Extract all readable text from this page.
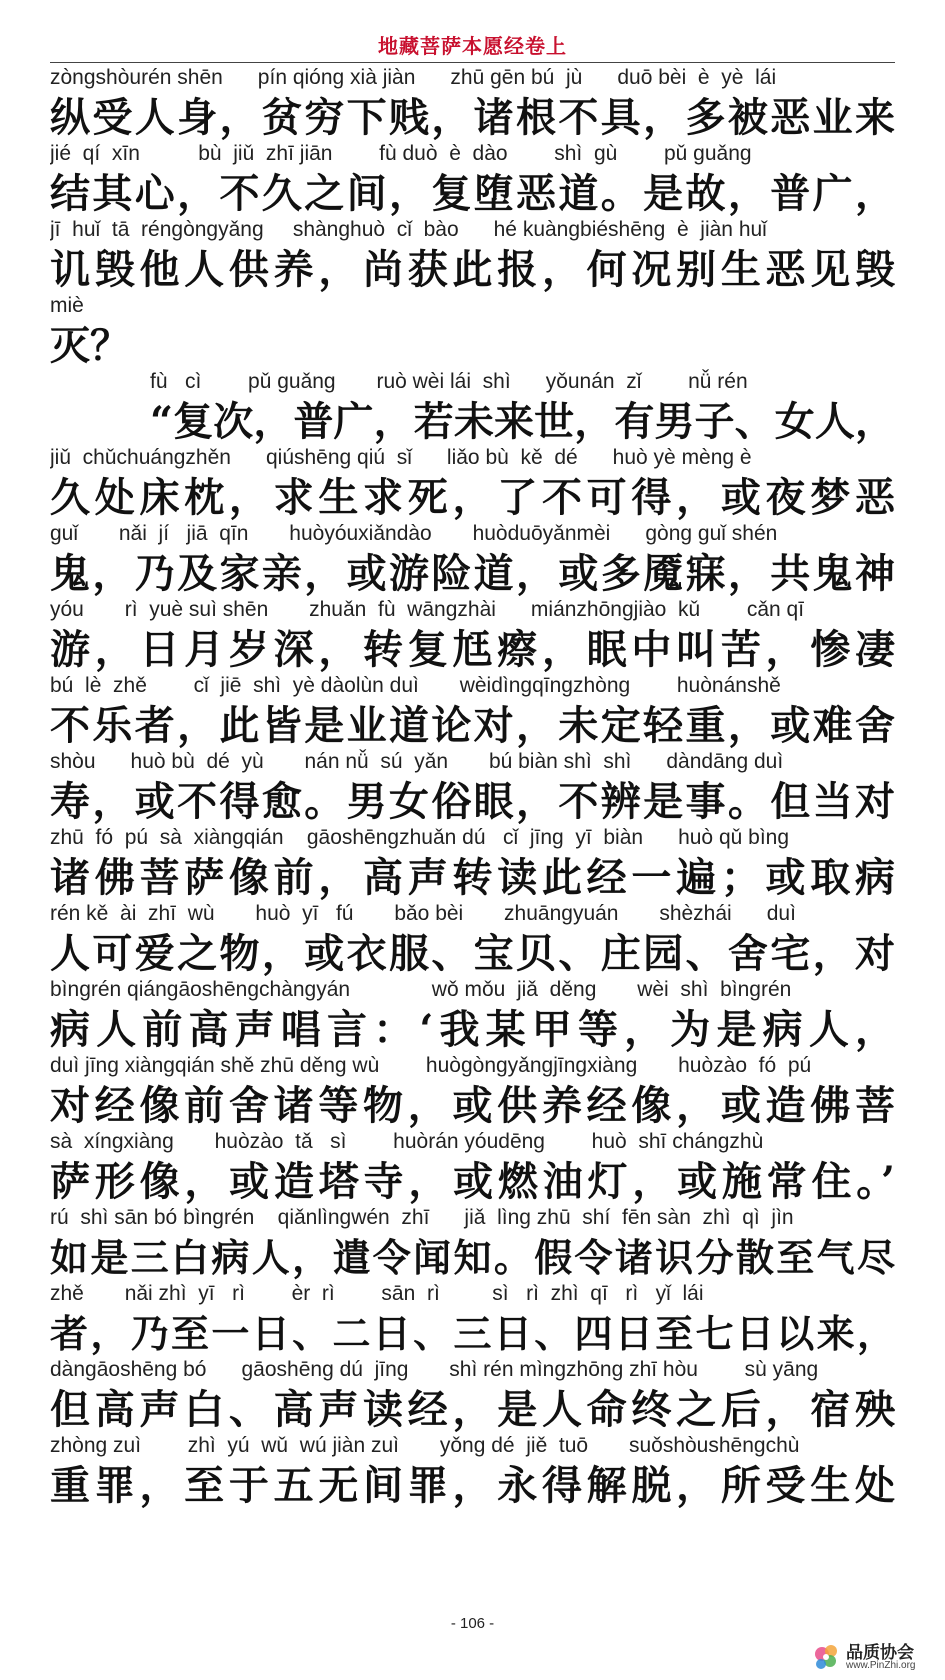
地藏菩萨本愿经卷上
zòngshòurén shēn      pín qióng xià jiàn      zhū gēn bú  jù      duō bèi  è  yè  lái
纵受人身，贫穷下贱，诸根不具，多被恶业来
jié  qí  xīn          bù  jiǔ  zhī jiān        fù duò  è  dào        shì  gù        pǔ guǎng
结其心，不久之间，复堕恶道。是故，普广，
jī  huǐ  tā  réngòngyǎng     shànghuò  cǐ  bào      hé kuàngbiéshēng  è  jiàn huǐ
讥毁他人供养，尚获此报，何况别生恶见毁
miè
灭？
fù   cì        pǔ guǎng       ruò wèi lái  shì      yǒunán  zǐ        nǚ rén
“复次，普广，若未来世，有男子、女人，
jiǔ  chǔchuángzhěn      qiúshēng qiú  sǐ      liǎo bù  kě  dé      huò yè mèng è
久处床枕，求生求死，了不可得，或夜梦恶
guǐ       nǎi  jí   jiā  qīn       huòyóuxiǎndào       huòduōyǎnmèi      gòng guǐ shén
鬼，乃及家亲，或游险道，或多魇寐，共鬼神
yóu       rì  yuè suì shēn       zhuǎn  fù  wāngzhài      miánzhōngjiào  kǔ        cǎn qī
游，日月岁深，转复尪瘵，眠中叫苦，惨凄
bú  lè  zhě        cǐ  jiē  shì  yè dàolùn duì       wèidìngqīngzhòng        huònánshě
不乐者，此皆是业道论对，未定轻重，或难舍
shòu      huò bù  dé  yù       nán nǚ  sú  yǎn       bú biàn shì  shì      dàndāng duì
寿，或不得愈。男女俗眼，不辨是事。但当对
zhū  fó  pú  sà  xiàngqián    gāoshēngzhuǎn dú   cǐ  jīng  yī  biàn      huò qǔ bìng
诸佛菩萨像前，高声转读此经一遍；或取病
rén kě  ài  zhī  wù       huò  yī   fú       bǎo bèi       zhuāngyuán       shèzhái      duì
人可爱之物，或衣服、宝贝、庄园、舍宅，对
bìngrén qiángāoshēngchàngyán              wǒ mǒu  jiǎ  děng       wèi  shì  bìngrén
病人前高声唱言：‘我某甲等，为是病人，
duì jīng xiàngqián shě zhū děng wù        huògòngyǎngjīngxiàng       huòzào  fó  pú
对经像前舍诸等物，或供养经像，或造佛菩
sà  xíngxiàng       huòzào  tǎ   sì        huòrán yóudēng        huò  shī chángzhù
萨形像，或造塔寺，或燃油灯，或施常住。’
rú  shì sān bó bìngrén    qiǎnlìngwén  zhī      jiǎ  lìng zhū  shí  fēn sàn  zhì  qì  jìn
如是三白病人，遣令闻知。假令诸识分散至气尽
zhě       nǎi zhì  yī   rì        èr  rì        sān  rì         sì   rì  zhì  qī   rì   yǐ  lái
者，乃至一日、二日、三日、四日至七日以来，
dàngāoshēng bó      gāoshēng dú  jīng       shì rén mìngzhōng zhī hòu        sù yāng
但高声白、高声读经，是人命终之后，宿殃
zhòng zuì        zhì  yú  wǔ  wú jiàn zuì       yǒng dé  jiě  tuō       suǒshòushēngchù
重罪，至于五无间罪，永得解脱，所受生处
- 106 -
品质协会
www.PinZhi.org
